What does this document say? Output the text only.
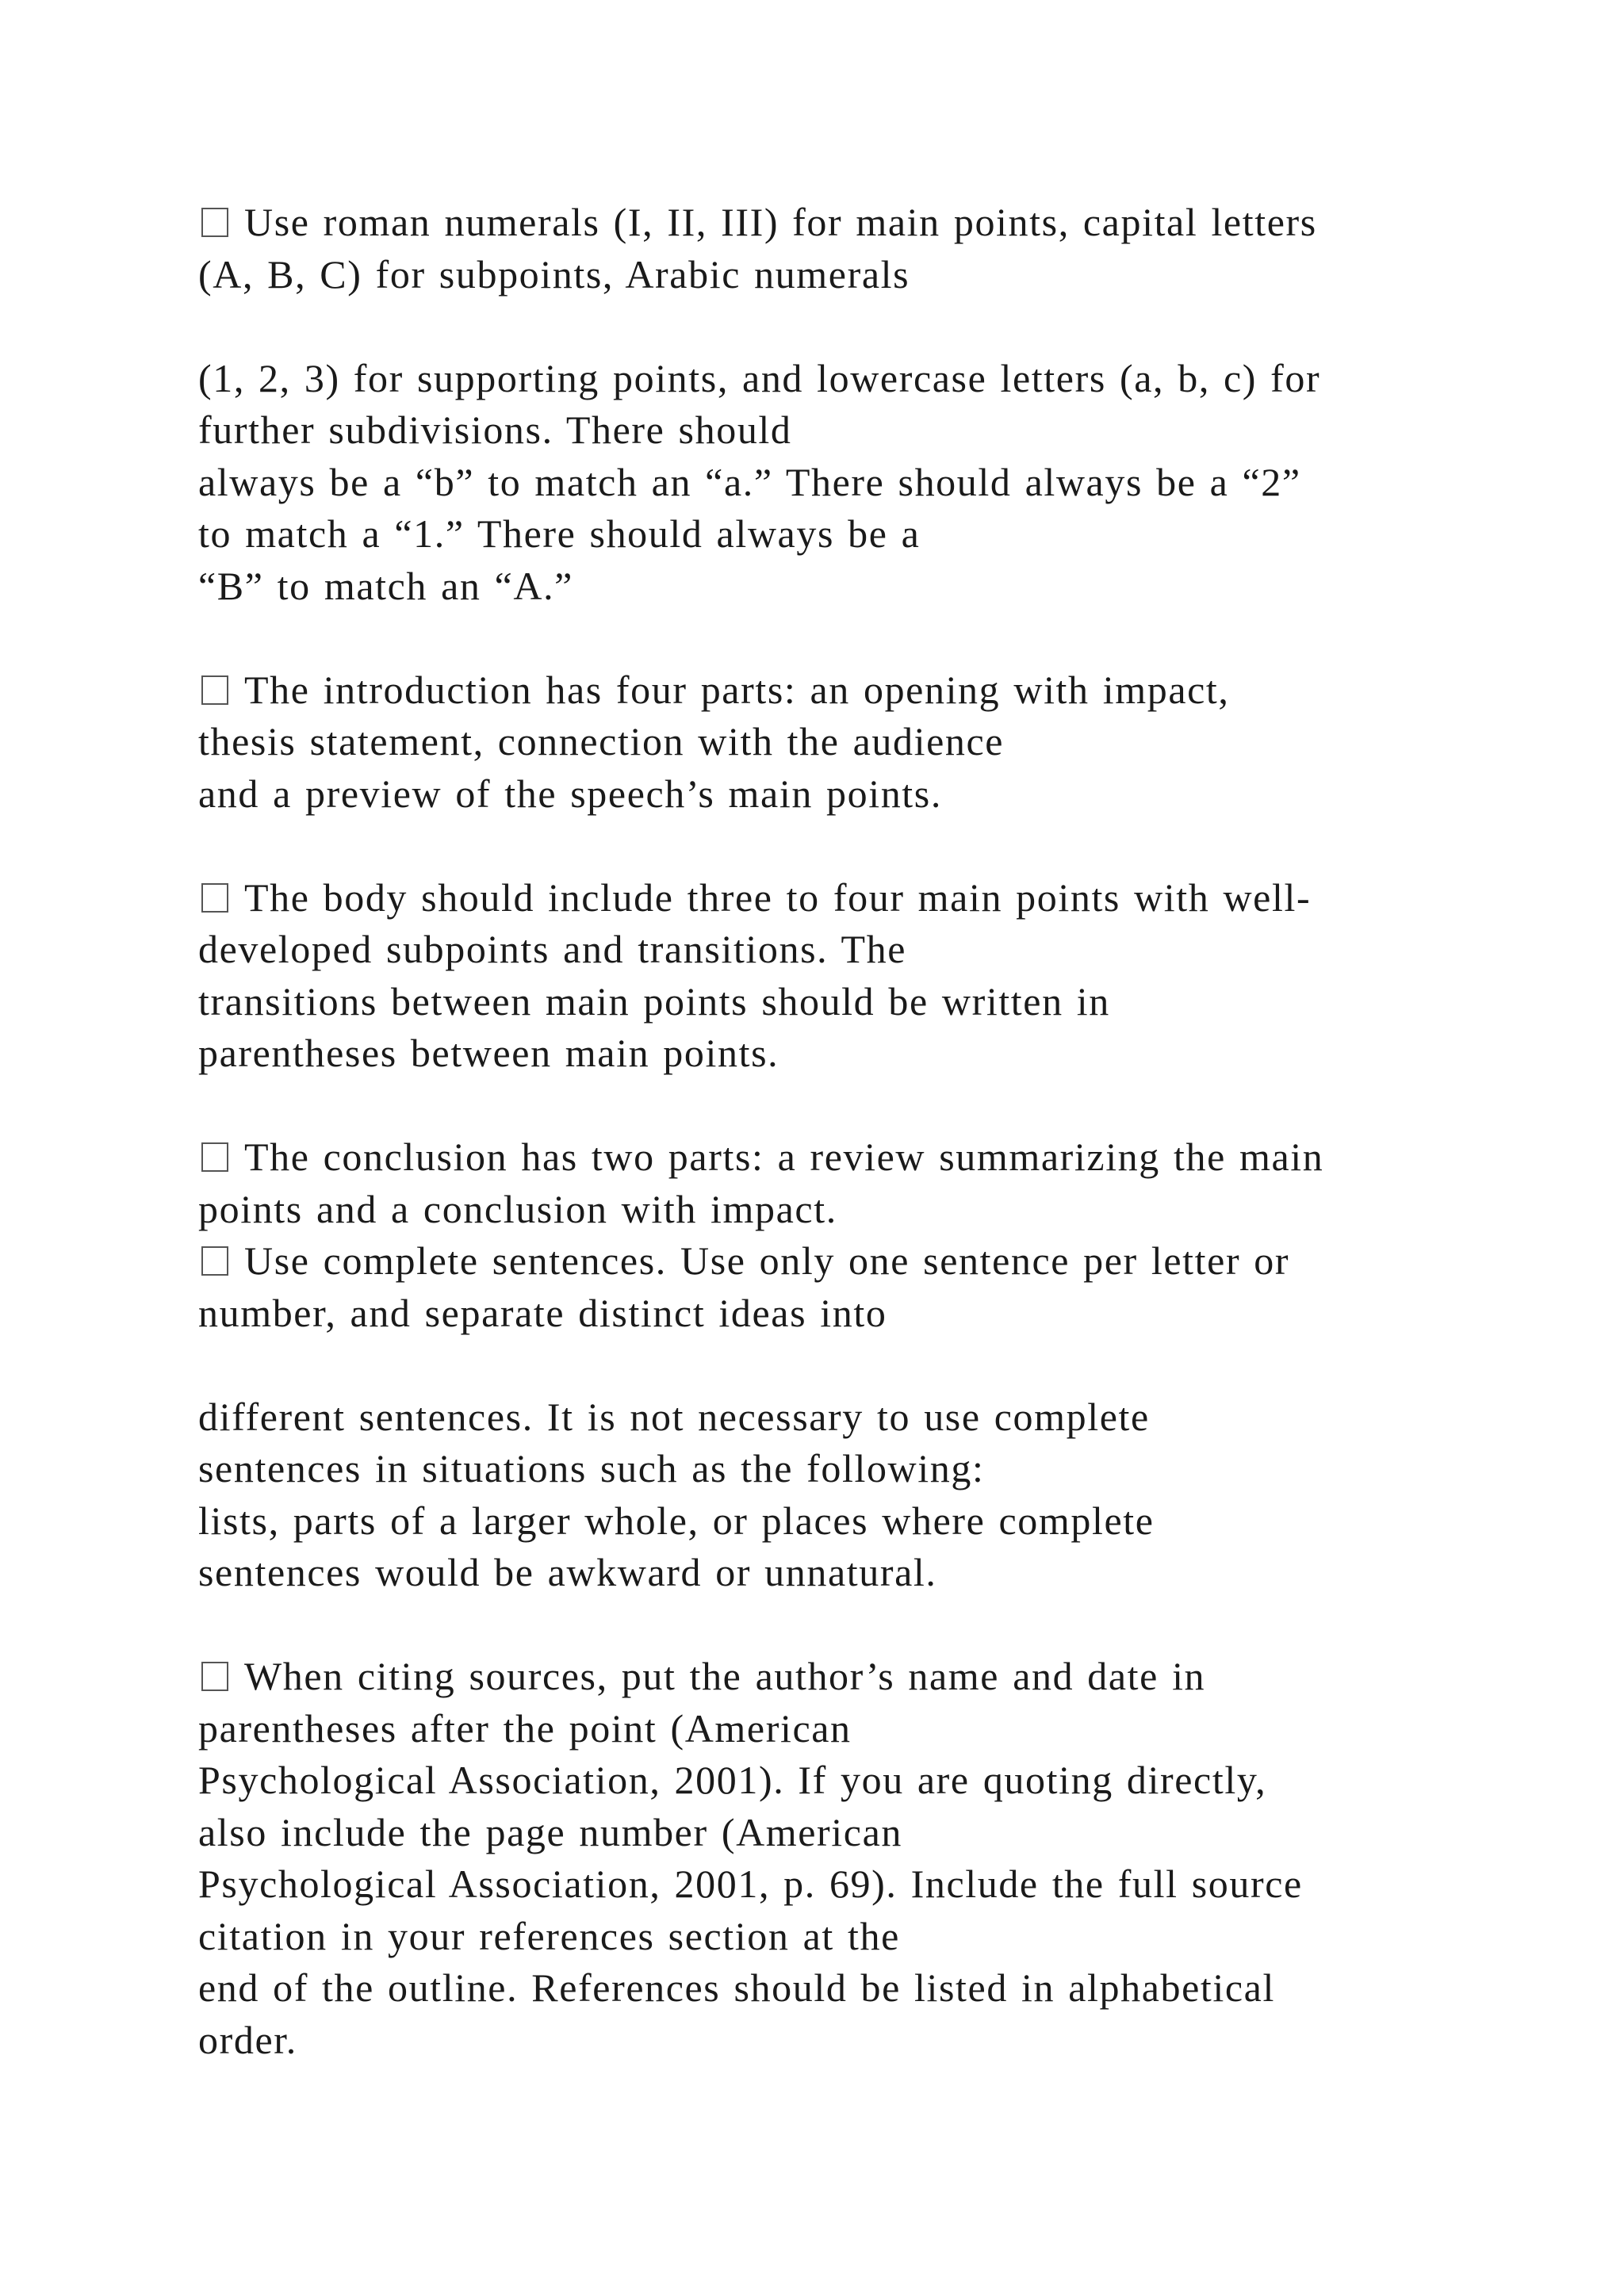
Use roman numerals (I, II, III) for main points, capital letters
(A, B, C) for subpoints, Arabic numerals
(1, 2, 3) for supporting points, and lowercase letters (a, b, c) for
further subdivisions. There should
always be a “b” to match an “a.” There should always be a “2”
to match a “1.” There should always be a
“B” to match an “A.”
The introduction has four parts: an opening with impact,
thesis statement, connection with the audience
and a preview of the speech’s main points.
The body should include three to four main points with well-
developed subpoints and transitions. The
transitions between main points should be written in
parentheses between main points.
The conclusion has two parts: a review summarizing the main
points and a conclusion with impact.
Use complete sentences. Use only one sentence per letter or
number, and separate distinct ideas into
different sentences. It is not necessary to use complete
sentences in situations such as the following:
lists, parts of a larger whole, or places where complete
sentences would be awkward or unnatural.
When citing sources, put the author’s name and date in
parentheses after the point (American
Psychological Association, 2001). If you are quoting directly,
also include the page number (American
Psychological Association, 2001, p. 69). Include the full source
citation in your references section at the
end of the outline. References should be listed in alphabetical
order.
